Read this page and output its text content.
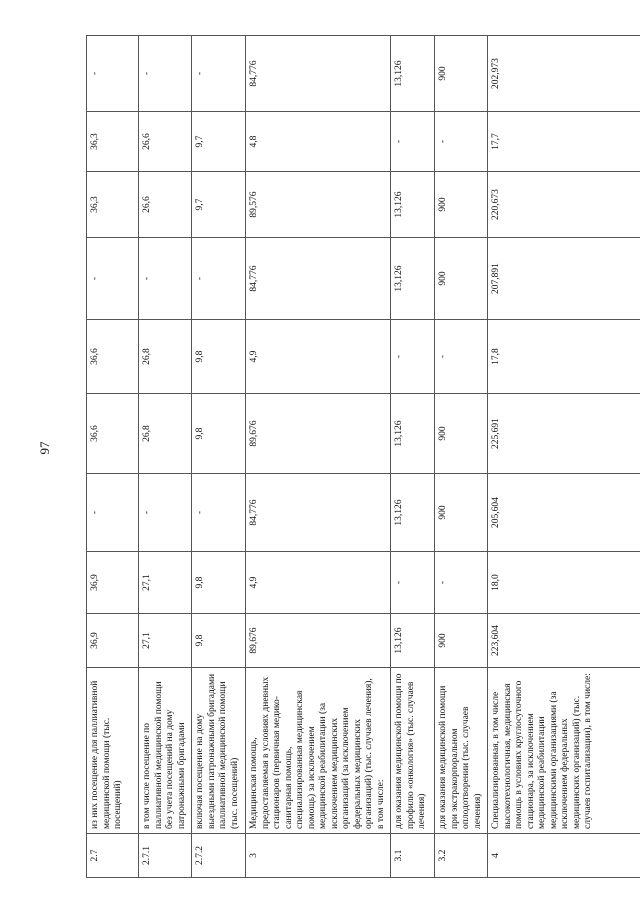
97
2.7	из них посещение для паллиативной медицинской помощи (тыс. посещений)	36,9	36,9	-	36,6	36,6	-	36,3	36,3	-
2.7.1	в том числе посещение по паллиативной медицинской помощи без учета посещений на дому патронажными бригадами	27,1	27,1	-	26,8	26,8	-	26,6	26,6	-
2.7.2	включая посещение на дому выездными патронажными бригадами паллиативной медицинской помощи (тыс. посещений)	9,8	9,8	-	9,8	9,8	-	9,7	9,7	-
3	Медицинская помощь, предоставляемая в условиях дневных стационаров (первичная медико-санитарная помощь, специализированная медицинская помощь) за исключением медицинской реабилитации (за исключением медицинских организаций (за исключением федеральных медицинских организаций) (тыс. случаев лечения), в том числе:	89,676	4,9	84,776	89,676	4,9	84,776	89,576	4,8	84,776
3.1	для оказания медицинской помощи по профилю «онкология» (тыс. случаев лечения)	13,126	-	13,126	13,126	-	13,126	13,126	-	13,126
3.2	для оказания медицинской помощи при экстракорпоральном оплодотворении (тыс. случаев лечения)	900	-	900	900	-	900	900	-	900
4	Специализированная, в том числе высокотехнологичная, медицинская помощь в условиях круглосуточного стационара, за исключением медицинской реабилитации медицинскими организациями (за исключением федеральных медицинских организаций) (тыс. случаев госпитализации), в том числе:	223,604	18,0	205,604	225,691	17,8	207,891	220,673	17,7	202,973
